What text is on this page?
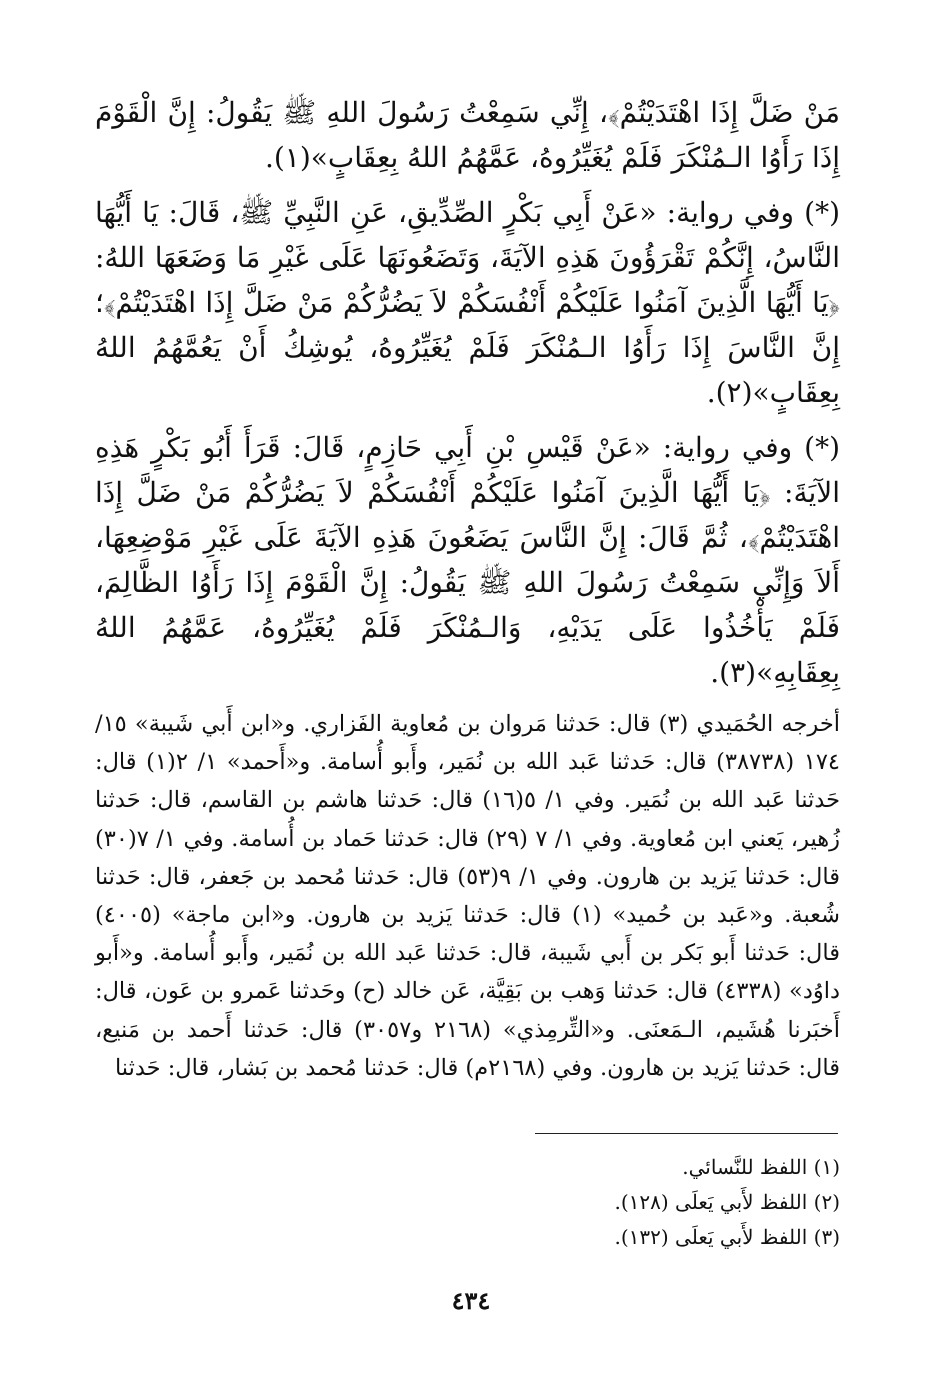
مَنْ ضَلَّ إِذَا اهْتَدَيْتُمْ﴾، إِنِّي سَمِعْتُ رَسُولَ اللهِ ﷺ يَقُولُ: إِنَّ الْقَوْمَ إِذَا رَأَوُا الـمُنْكَرَ فَلَمْ يُغَيِّرُوهُ، عَمَّهُمُ اللهُ بِعِقَابٍ»(١).

(*) وفي رواية: «عَنْ أَبِي بَكْرٍ الصِّدِّيقِ، عَنِ النَّبِيِّ ﷺ، قَالَ: يَا أَيُّهَا النَّاسُ، إِنَّكُمْ تَقْرَؤُونَ هَذِهِ الآيَةَ، وَتَضَعُونَهَا عَلَى غَيْرِ مَا وَضَعَهَا اللهُ: ﴿يَا أَيُّهَا الَّذِينَ آمَنُوا عَلَيْكُمْ أَنْفُسَكُمْ لاَ يَضُرُّكُمْ مَنْ ضَلَّ إِذَا اهْتَدَيْتُمْ﴾؛ إِنَّ النَّاسَ إِذَا رَأَوُا الـمُنْكَرَ فَلَمْ يُغَيِّرُوهُ، يُوشِكُ أَنْ يَعُمَّهُمُ اللهُ بِعِقَابٍ»(٢).

(*) وفي رواية: «عَنْ قَيْسِ بْنِ أَبِي حَازِمٍ، قَالَ: قَرَأَ أَبُو بَكْرٍ هَذِهِ الآيَةَ: ﴿يَا أَيُّهَا الَّذِينَ آمَنُوا عَلَيْكُمْ أَنْفُسَكُمْ لاَ يَضُرُّكُمْ مَنْ ضَلَّ إِذَا اهْتَدَيْتُمْ﴾، ثُمَّ قَالَ: إِنَّ النَّاسَ يَضَعُونَ هَذِهِ الآيَةَ عَلَى غَيْرِ مَوْضِعِهَا، أَلاَ وَإِنِّي سَمِعْتُ رَسُولَ اللهِ ﷺ يَقُولُ: إِنَّ الْقَوْمَ إِذَا رَأَوُا الظَّالِمَ، فَلَمْ يَأْخُذُوا عَلَى يَدَيْهِ، وَالـمُنْكَرَ فَلَمْ يُغَيِّرُوهُ، عَمَّهُمُ اللهُ بِعِقَابِهِ»(٣).

أخرجه الحُمَيدي (٣) قال: حَدثنا مَروان بن مُعاوية الفَزاري. و«ابن أَبي شَيبة» ١٥/ ١٧٤ (٣٨٧٣٨) قال: حَدثنا عَبد الله بن نُمَير، وأَبو أُسامة. و«أَحمد» ١/ ٢(١) قال: حَدثنا عَبد الله بن نُمَير. وفي ١/ ٥(١٦) قال: حَدثنا هاشم بن القاسم، قال: حَدثنا زُهير، يَعني ابن مُعاوية. وفي ١/ ٧ (٢٩) قال: حَدثنا حَماد بن أُسامة. وفي ١/ ٧(٣٠) قال: حَدثنا يَزيد بن هارون. وفي ١/ ٩(٥٣) قال: حَدثنا مُحمد بن جَعفر، قال: حَدثنا شُعبة. و«عَبد بن حُميد» (١) قال: حَدثنا يَزيد بن هارون. و«ابن ماجة» (٤٠٠٥) قال: حَدثنا أَبو بَكر بن أَبي شَيبة، قال: حَدثنا عَبد الله بن نُمَير، وأَبو أُسامة. و«أَبو داوُد» (٤٣٣٨) قال: حَدثنا وَهب بن بَقِيَّة، عَن خالد (ح) وحَدثنا عَمرو بن عَون، قال: أَخبَرنا هُشَيم، الـمَعنَى. و«التِّرمِذي» (٢١٦٨ و٣٠٥٧) قال: حَدثنا أَحمد بن مَنيع، قال: حَدثنا يَزيد بن هارون. وفي (٢١٦٨م) قال: حَدثنا مُحمد بن بَشار، قال: حَدثنا

(١) اللفظ للنَّسائي.
(٢) اللفظ لأَبي يَعلَى (١٢٨).
(٣) اللفظ لأَبي يَعلَى (١٣٢).
٤٣٤
